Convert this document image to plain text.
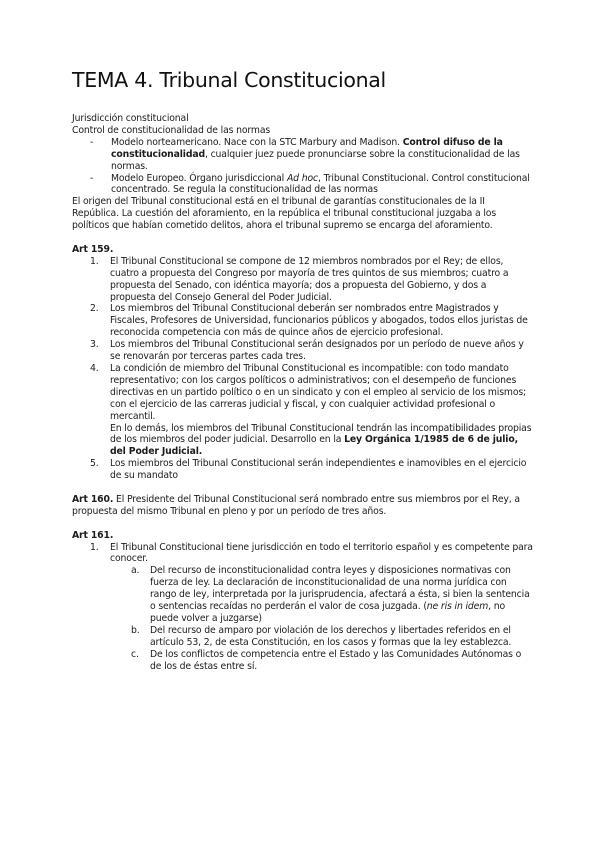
TEMA 4. Tribunal Constitucional

Jurisdicción constitucional

Control de constitucionalidad de las normas

- Modelo norteamericano. Nace con la STC Marbury and Madison. Control difuso de la constitucionalidad, cualquier juez puede pronunciarse sobre la constitucionalidad de las normas.
- Modelo Europeo. Órgano jurisdiccional Ad hoc, Tribunal Constitucional. Control constitucional concentrado. Se regula la constitucionalidad de las normas

El origen del Tribunal constitucional está en el tribunal de garantías constitucionales de la II República. La cuestión del aforamiento, en la república el tribunal constitucional juzgaba a los políticos que habían cometido delitos, ahora el tribunal supremo se encarga del aforamiento.

Art 159.

1. El Tribunal Constitucional se compone de 12 miembros nombrados por el Rey; de ellos, cuatro a propuesta del Congreso por mayoría de tres quintos de sus miembros; cuatro a propuesta del Senado, con idéntica mayoría; dos a propuesta del Gobierno, y dos a propuesta del Consejo General del Poder Judicial.
2. Los miembros del Tribunal Constitucional deberán ser nombrados entre Magistrados y Fiscales, Profesores de Universidad, funcionarios públicos y abogados, todos ellos juristas de reconocida competencia con más de quince años de ejercicio profesional.
3. Los miembros del Tribunal Constitucional serán designados por un período de nueve años y se renovarán por terceras partes cada tres.
4. La condición de miembro del Tribunal Constitucional es incompatible: con todo mandato representativo; con los cargos políticos o administrativos; con el desempeño de funciones directivas en un partido político o en un sindicato y con el empleo al servicio de los mismos; con el ejercicio de las carreras judicial y fiscal, y con cualquier actividad profesional o mercantil.
En lo demás, los miembros del Tribunal Constitucional tendrán las incompatibilidades propias de los miembros del poder judicial. Desarrollo en la Ley Orgánica 1/1985 de 6 de julio, del Poder Judicial.
5. Los miembros del Tribunal Constitucional serán independientes e inamovibles en el ejercicio de su mandato

Art 160. El Presidente del Tribunal Constitucional será nombrado entre sus miembros por el Rey, a propuesta del mismo Tribunal en pleno y por un período de tres años.

Art 161.

1. El Tribunal Constitucional tiene jurisdicción en todo el territorio español y es competente para conocer.
a. Del recurso de inconstitucionalidad contra leyes y disposiciones normativas con fuerza de ley. La declaración de inconstitucionalidad de una norma jurídica con rango de ley, interpretada por la jurisprudencia, afectará a ésta, si bien la sentencia o sentencias recaídas no perderán el valor de cosa juzgada. (ne ris in idem, no puede volver a juzgarse)
b. Del recurso de amparo por violación de los derechos y libertades referidos en el artículo 53, 2, de esta Constitución, en los casos y formas que la ley establezca.
c. De los conflictos de competencia entre el Estado y las Comunidades Autónomas o de los de éstas entre sí.
